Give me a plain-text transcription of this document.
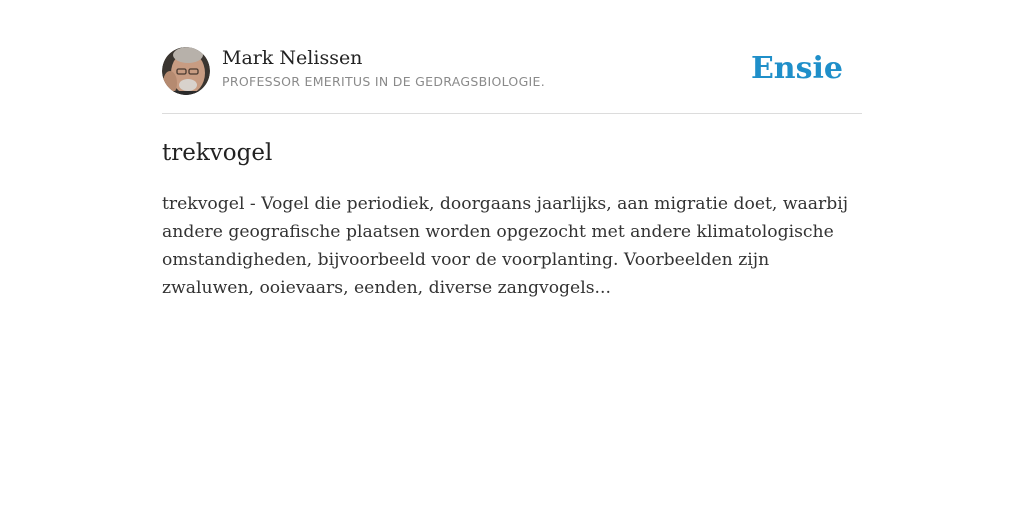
Mark Nelissen
PROFESSOR EMERITUS IN DE GEDRAGSBIOLOGIE.	Ensie
trekvogel

trekvogel - Vogel die periodiek, doorgaans jaarlijks, aan migratie doet, waarbij andere geografische plaatsen worden opgezocht met andere klimatologische omstandigheden, bijvoorbeeld voor de voorplanting. Voorbeelden zijn zwaluwen, ooievaars, eenden, diverse zangvogels...
